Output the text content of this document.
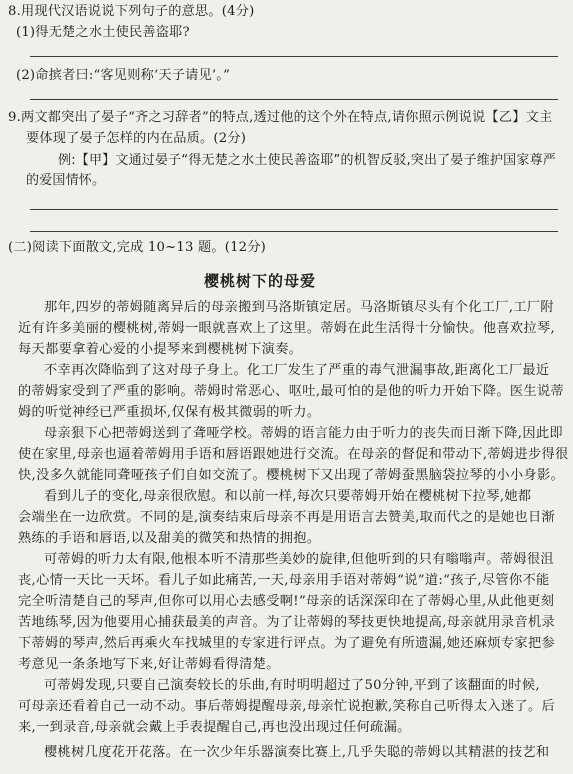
8.用现代汉语说说下列句子的意思。(4分)
(1)得无楚之水土使民善盗耶?
(2)命摈者曰:“客见则称‘天子请见’。”
9.两文都突出了晏子“齐之习辞者”的特点,透过他的这个外在特点,请你照示例说说【乙】文主
要体现了晏子怎样的内在品质。(2分)
例:【甲】文通过晏子“得无楚之水土使民善盗耶”的机智反驳,突出了晏子维护国家尊严
的爱国情怀。
(二)阅读下面散文,完成 10~13 题。(12分)
樱桃树下的母爱
那年,四岁的蒂姆随离异后的母亲搬到马洛斯镇定居。马洛斯镇尽头有个化工厂,工厂附
近有许多美丽的樱桃树,蒂姆一眼就喜欢上了这里。蒂姆在此生活得十分愉快。他喜欢拉琴,
每天都要拿着心爱的小提琴来到樱桃树下演奏。
不幸再次降临到了这对母子身上。化工厂发生了严重的毒气泄漏事故,距离化工厂最近
的蒂姆家受到了严重的影响。蒂姆时常恶心、呕吐,最可怕的是他的听力开始下降。医生说蒂
姆的听觉神经已严重损坏,仅保有极其微弱的听力。
母亲狠下心把蒂姆送到了聋哑学校。蒂姆的语言能力由于听力的丧失而日渐下降,因此即
使在家里,母亲也逼着蒂姆用手语和唇语跟她进行交流。在母亲的督促和带动下,蒂姆进步得很
快,没多久就能同聋哑孩子们自如交流了。樱桃树下又出现了蒂姆蚕黑脑袋拉琴的小小身影。
看到儿子的变化,母亲很欣慰。和以前一样,每次只要蒂姆开始在樱桃树下拉琴,她都
会端坐在一边欣赏。不同的是,演奏结束后母亲不再是用语言去赞美,取而代之的是她也日渐
熟练的手语和唇语,以及甜美的微笑和热情的拥抱。
可蒂姆的听力太有限,他根本听不清那些美妙的旋律,但他听到的只有嗡嗡声。蒂姆很沮
丧,心情一天比一天坏。看儿子如此痛苦,一天,母亲用手语对蒂姆“说”道:“孩子,尽管你不能
完全听清楚自己的琴声,但你可以用心去感受啊!”母亲的话深深印在了蒂姆心里,从此他更刻
苦地练琴,因为他要用心捕获最美的声音。为了让蒂姆的琴技更快地提高,母亲就用录音机录
下蒂姆的琴声,然后再乘火车找城里的专家进行评点。为了避免有所遗漏,她还麻烦专家把参
考意见一条条地写下来,好让蒂姆看得清楚。
可蒂姆发现,只要自己演奏较长的乐曲,有时明明超过了50分钟,平到了该翻面的时候,
可母亲还看着自己一动不动。事后蒂姆提醒母亲,母亲忙说抱歉,笑称自己听得太入迷了。后
来,一到录音,母亲就会戴上手表提醒自己,再也没出现过任何疏漏。
樱桃树几度花开花落。在一次少年乐器演奏比赛上,几乎失聪的蒂姆以其精湛的技艺和
